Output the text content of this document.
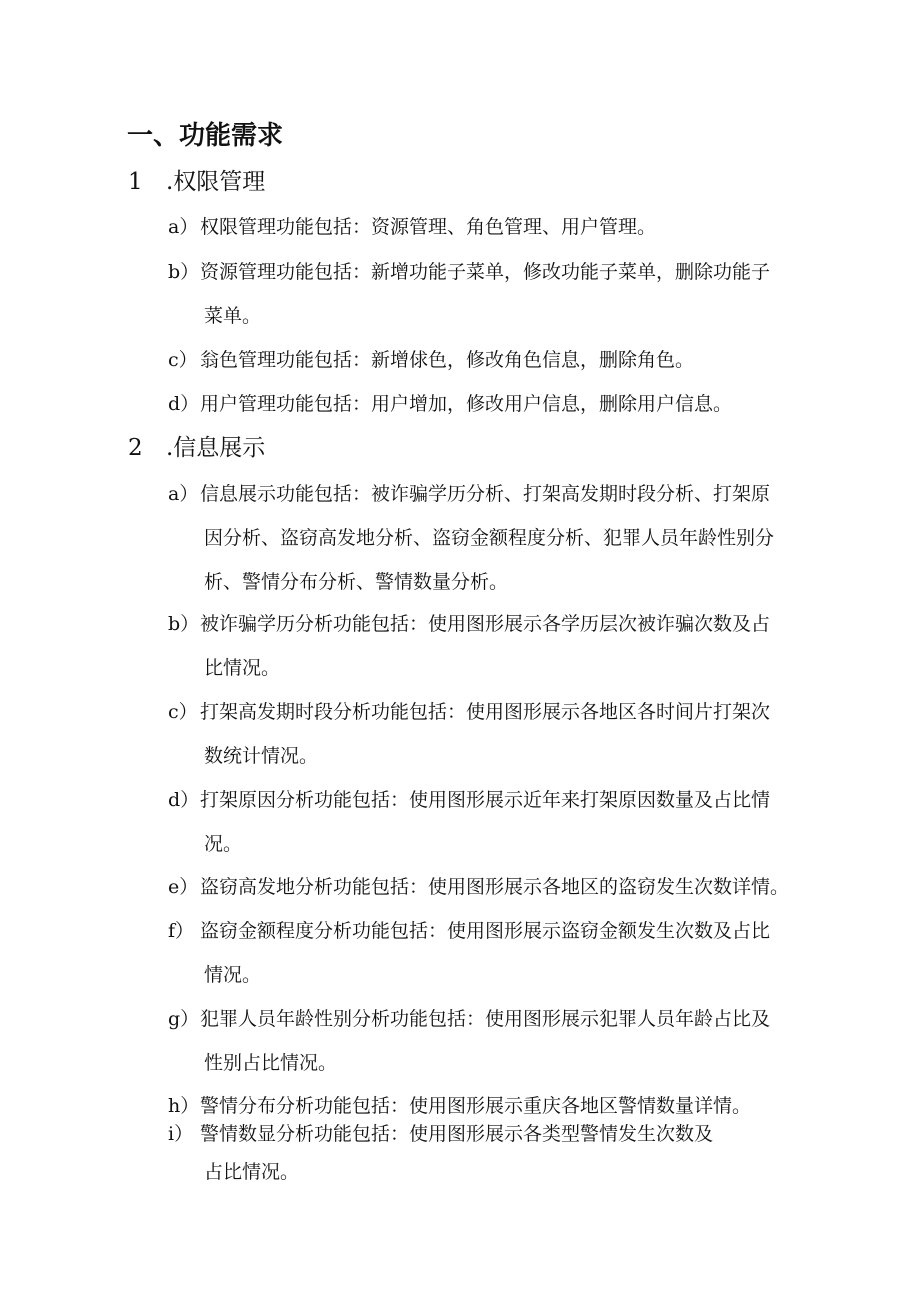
一、功能需求
1 .权限管理
a）权限管理功能包括：资源管理、角色管理、用户管理。
b）资源管理功能包括：新增功能子菜单，修改功能子菜单，删除功能子
菜单。
c） 翁色管理功能包括：新增俅色，修改角色信息，删除角色。
d）用户管理功能包括：用户增加，修改用户信息，删除用户信息。
2 .信息展示
a）信息展示功能包括：被诈骗学历分析、打架高发期时段分析、打架原
因分析、盗窃高发地分析、盗窃金额程度分析、犯罪人员年龄性别分
析、警情分布分析、警情数量分析。
b）被诈骗学历分析功能包括：使用图形展示各学历层次被诈骗次数及占
比情况。
c） 打架高发期时段分析功能包括：使用图形展示各地区各时间片打架次
数统计情况。
d）打架原因分析功能包括：使用图形展示近年来打架原因数量及占比情
况。
e）盗窃高发地分析功能包括：使用图形展示各地区的盗窃发生次数详情。
f） 盗窃金额程度分析功能包括：使用图形展示盗窃金额发生次数及占比
情况。
g）犯罪人员年龄性别分析功能包括：使用图形展示犯罪人员年龄占比及
性别占比情况。
h）警情分布分析功能包括：使用图形展示重庆各地区警情数量详情。
i） 警情数显分析功能包括：使用图形展示各类型警情发生次数及
占比情况。
